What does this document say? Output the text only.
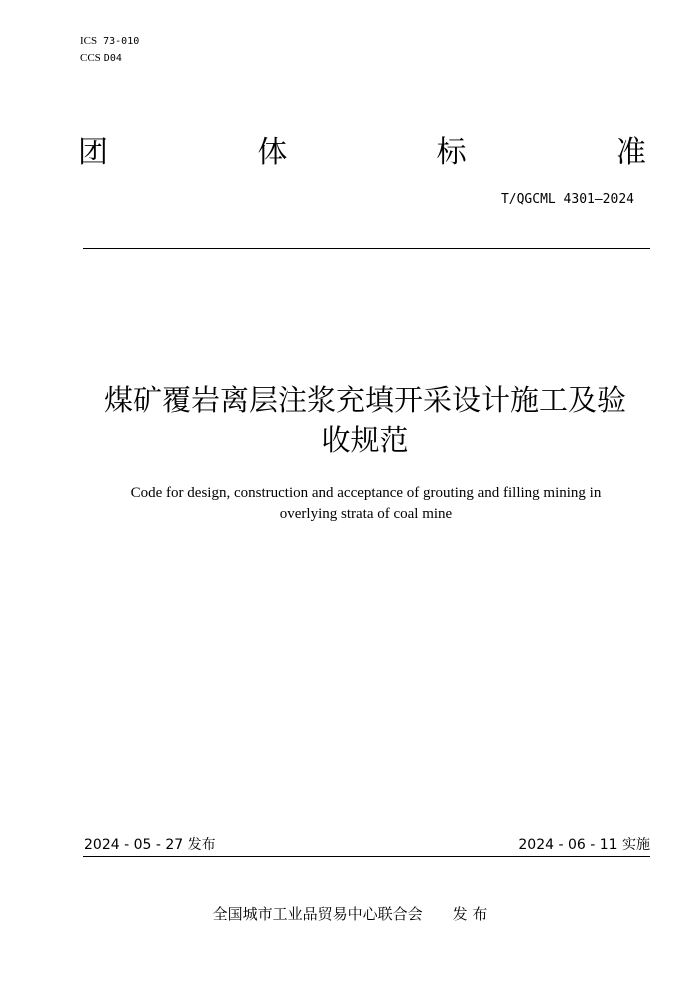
ICS 73-010
CCS D04
团	体	标	准
T/QGCML 4301—2024
煤矿覆岩离层注浆充填开采设计施工及验
收规范
Code for design, construction and acceptance of grouting and filling mining in
overlying strata of coal mine
2024 - 05 - 27 发布	2024 - 06 - 11 实施
全国城市工业品贸易中心联合会 发 布
